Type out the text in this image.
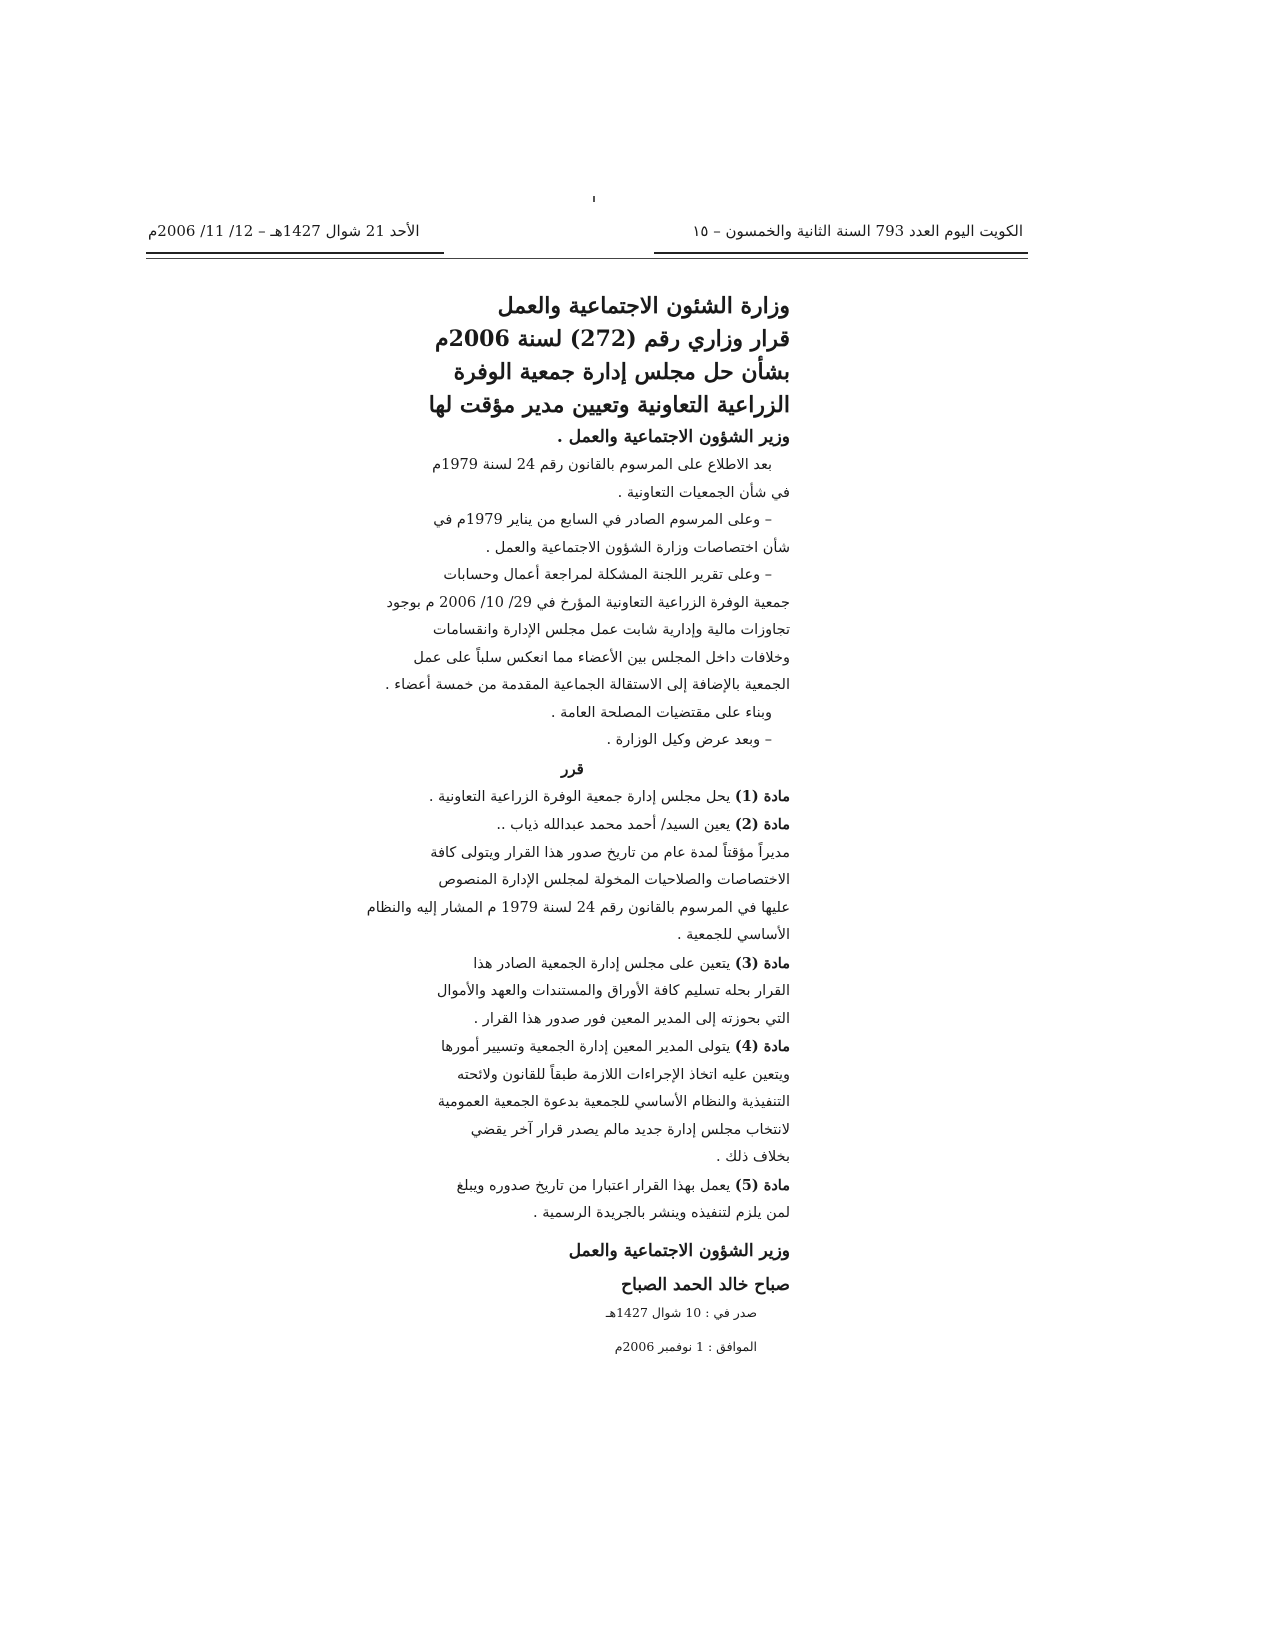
الكويت اليوم العدد 793 السنة الثانية والخمسون – ١٥
الأحد 21 شوال 1427هـ – 12/ 11/ 2006م

وزارة الشئون الاجتماعية والعمل

قرار وزاري رقم (272) لسنة 2006م

بشأن حل مجلس إدارة جمعية الوفرة

الزراعية التعاونية وتعيين مدير مؤقت لها

وزير الشؤون الاجتماعية والعمل .

بعد الاطلاع على المرسوم بالقانون رقم 24 لسنة 1979م

في شأن الجمعيات التعاونية .

– وعلى المرسوم الصادر في السابع من يناير 1979م في

شأن اختصاصات وزارة الشؤون الاجتماعية والعمل .

– وعلى تقرير اللجنة المشكلة لمراجعة أعمال وحسابات

جمعية الوفرة الزراعية التعاونية المؤرخ في 29/ 10/ 2006 م بوجود

تجاوزات مالية وإدارية شابت عمل مجلس الإدارة وانقسامات

وخلافات داخل المجلس بين الأعضاء مما انعكس سلباً على عمل

الجمعية بالإضافة إلى الاستقالة الجماعية المقدمة من خمسة أعضاء .

وبناء على مقتضيات المصلحة العامة .

– وبعد عرض وكيل الوزارة .

قرر

مادة (1) يحل مجلس إدارة جمعية الوفرة الزراعية التعاونية .

مادة (2) يعين السيد/ أحمد محمد عبدالله ذياب ..

مديراً مؤقتاً لمدة عام من تاريخ صدور هذا القرار ويتولى كافة

الاختصاصات والصلاحيات المخولة لمجلس الإدارة المنصوص

عليها في المرسوم بالقانون رقم 24 لسنة 1979 م المشار إليه والنظام

الأساسي للجمعية .

مادة (3) يتعين على مجلس إدارة الجمعية الصادر هذا

القرار بحله تسليم كافة الأوراق والمستندات والعهد والأموال

التي بحوزته إلى المدير المعين فور صدور هذا القرار .

مادة (4) يتولى المدير المعين إدارة الجمعية وتسيير أمورها

ويتعين عليه اتخاذ الإجراءات اللازمة طبقاً للقانون ولائحته

التنفيذية والنظام الأساسي للجمعية بدعوة الجمعية العمومية

لانتخاب مجلس إدارة جديد مالم يصدر قرار آخر يقضي

بخلاف ذلك .

مادة (5) يعمل بهذا القرار اعتبارا من تاريخ صدوره ويبلغ

لمن يلزم لتنفيذه وينشر بالجريدة الرسمية .

وزير الشؤون الاجتماعية والعمل

صباح خالد الحمد الصباح

صدر في : 10 شوال 1427هـ

الموافق : 1 نوفمبر 2006م
